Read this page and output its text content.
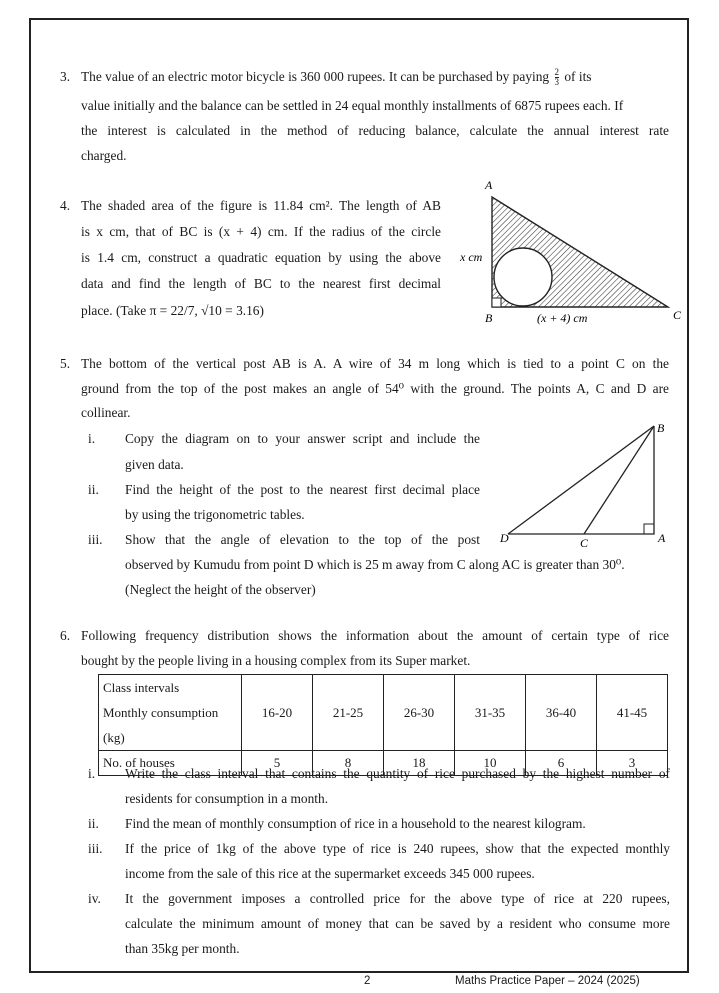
3. The value of an electric motor bicycle is 360 000 rupees. It can be purchased by paying $\frac{2}{3}$ of its
value initially and the balance can be settled in 24 equal monthly installments of 6875 rupees each. If
the interest is calculated in the method of reducing balance, calculate the annual interest rate
charged.
4. The shaded area of the figure is 11.84 cm². The length of AB
is x cm, that of BC is (x + 4) cm. If the radius of the circle
is 1.4 cm, construct a quadratic equation by using the above
data and find the length of BC to the nearest first decimal
place. (Take π = 22/7, √10 = 3.16)
A
B	C
x cm
(x + 4) cm
5. The bottom of the vertical post AB is A. A wire of 34 m long which is tied to a point C on the
ground from the top of the post makes an angle of 54⁰ with the ground. The points A, C and D are
collinear.
i.	Copy the diagram on to your answer script and include the
given data.
ii.	Find the height of the post to the nearest first decimal place
by using the trigonometric tables.
iii.	Show that the angle of elevation to the top of the post
observed by Kumudu from point D which is 25 m away from C along AC is greater than 30⁰.
(Neglect the height of the observer)
B
A
C
D
6. Following frequency distribution shows the information about the amount of certain type of rice
bought by the people living in a housing complex from its Super market.
Class intervals
Monthly consumption (kg)	16-20	21-25	26-30	31-35	36-40	41-45
No. of houses	5	8	18	10	6	3
i.	Write the class interval that contains the quantity of rice purchased by the highest number of
residents for consumption in a month.
ii.	Find the mean of monthly consumption of rice in a household to the nearest kilogram.
iii.	If the price of 1kg of the above type of rice is 240 rupees, show that the expected monthly
income from the sale of this rice at the supermarket exceeds 345 000 rupees.
iv.	It the government imposes a controlled price for the above type of rice at 220 rupees,
calculate the minimum amount of money that can be saved by a resident who consume more
than 35kg per month.
2	Maths Practice Paper – 2024 (2025)
